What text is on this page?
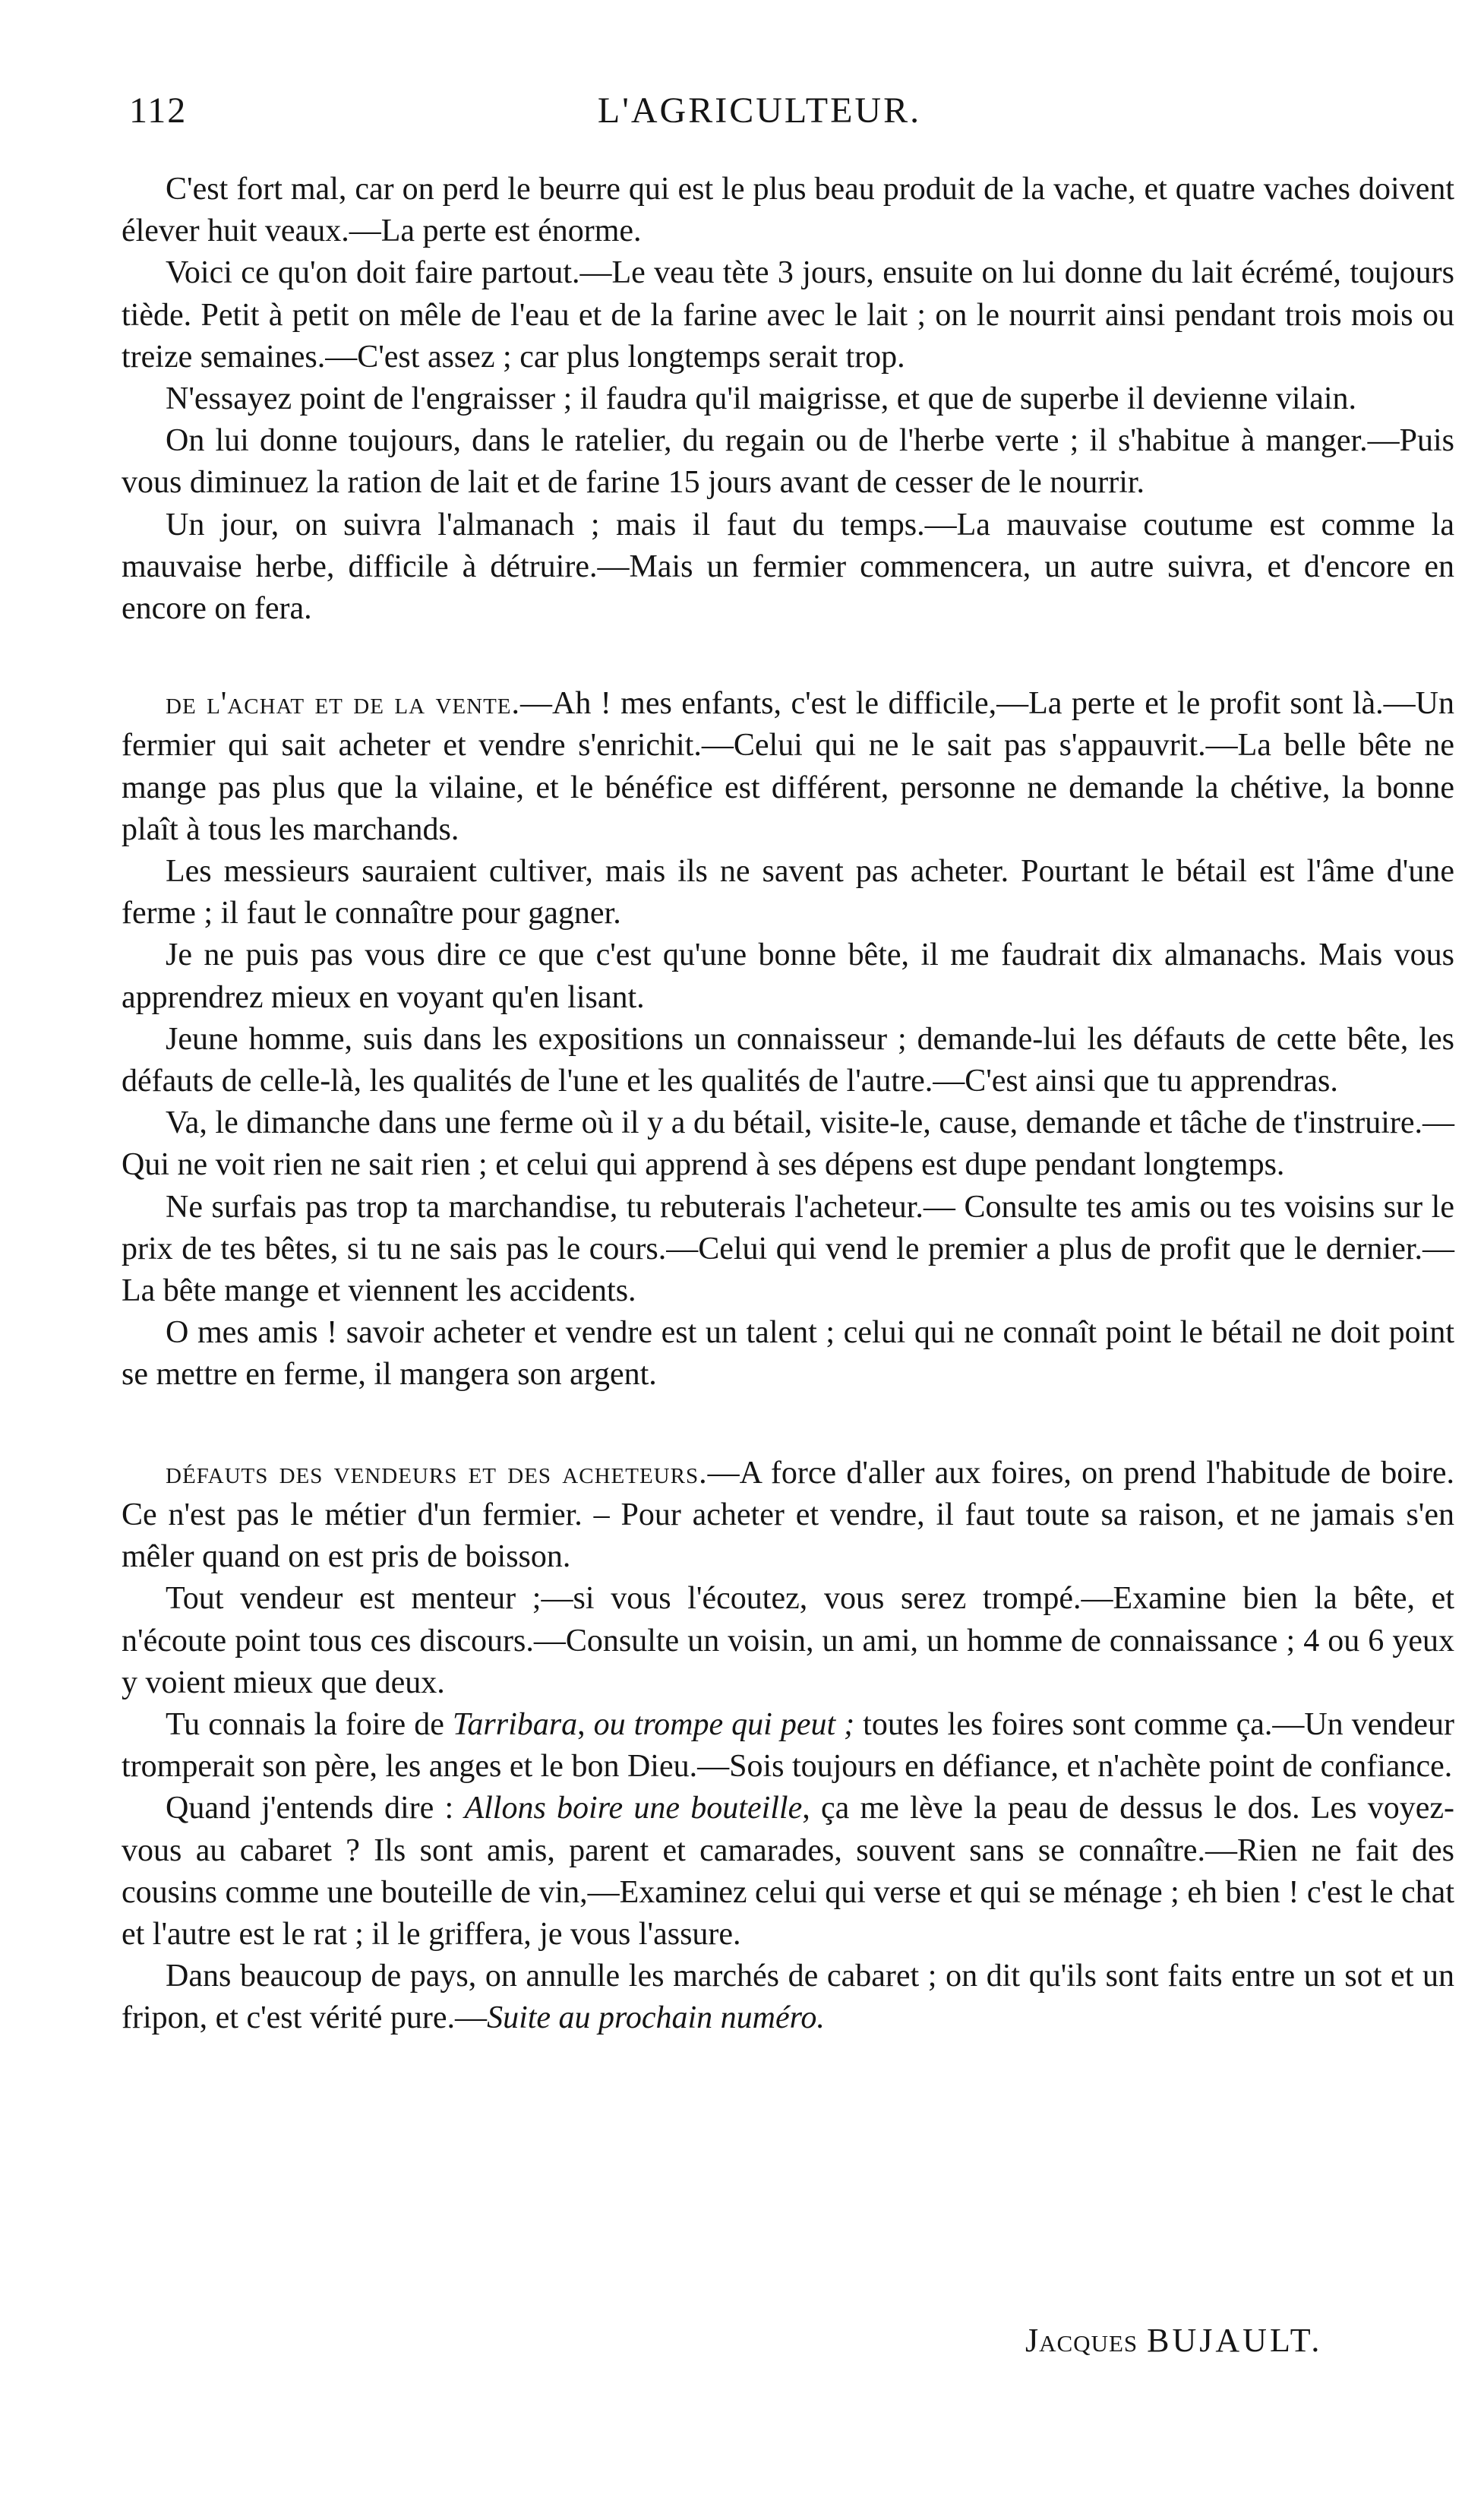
112	L'AGRICULTEUR.

C'est fort mal, car on perd le beurre qui est le plus beau produit de la vache, et quatre vaches doivent élever huit veaux.—La perte est énorme.

Voici ce qu'on doit faire partout.—Le veau tète 3 jours, ensuite on lui donne du lait écrémé, toujours tiède. Petit à petit on mêle de l'eau et de la farine avec le lait ; on le nourrit ainsi pendant trois mois ou treize semaines.—C'est assez ; car plus longtemps serait trop.

N'essayez point de l'engraisser ; il faudra qu'il maigrisse, et que de superbe il devienne vilain.

On lui donne toujours, dans le ratelier, du regain ou de l'herbe verte ; il s'habitue à manger.—Puis vous diminuez la ration de lait et de farine 15 jours avant de cesser de le nourrir.

Un jour, on suivra l'almanach ; mais il faut du temps.—La mauvaise coutume est comme la mauvaise herbe, difficile à détruire.—Mais un fermier commencera, un autre suivra, et d'encore en encore on fera.

de l'achat et de la vente.—Ah ! mes enfants, c'est le difficile,—La perte et le profit sont là.—Un fermier qui sait acheter et vendre s'enrichit.—Celui qui ne le sait pas s'appauvrit.—La belle bête ne mange pas plus que la vilaine, et le bénéfice est différent, personne ne demande la chétive, la bonne plaît à tous les marchands.

Les messieurs sauraient cultiver, mais ils ne savent pas acheter. Pourtant le bétail est l'âme d'une ferme ; il faut le connaître pour gagner.

Je ne puis pas vous dire ce que c'est qu'une bonne bête, il me faudrait dix almanachs. Mais vous apprendrez mieux en voyant qu'en lisant.

Jeune homme, suis dans les expositions un connaisseur ; demande-lui les défauts de cette bête, les défauts de celle-là, les qualités de l'une et les qualités de l'autre.—C'est ainsi que tu apprendras.

Va, le dimanche dans une ferme où il y a du bétail, visite-le, cause, demande et tâche de t'instruire.—Qui ne voit rien ne sait rien ; et celui qui apprend à ses dépens est dupe pendant longtemps.

Ne surfais pas trop ta marchandise, tu rebuterais l'acheteur.— Consulte tes amis ou tes voisins sur le prix de tes bêtes, si tu ne sais pas le cours.—Celui qui vend le premier a plus de profit que le dernier.—La bête mange et viennent les accidents.

O mes amis ! savoir acheter et vendre est un talent ; celui qui ne connaît point le bétail ne doit point se mettre en ferme, il mangera son argent.

défauts des vendeurs et des acheteurs.—A force d'aller aux foires, on prend l'habitude de boire. Ce n'est pas le métier d'un fermier. – Pour acheter et vendre, il faut toute sa raison, et ne jamais s'en mêler quand on est pris de boisson.

Tout vendeur est menteur ;—si vous l'écoutez, vous serez trompé.—Examine bien la bête, et n'écoute point tous ces discours.—Consulte un voisin, un ami, un homme de connaissance ; 4 ou 6 yeux y voient mieux que deux.

Tu connais la foire de Tarribara, ou trompe qui peut ; toutes les foires sont comme ça.—Un vendeur tromperait son père, les anges et le bon Dieu.—Sois toujours en défiance, et n'achète point de confiance.

Quand j'entends dire : Allons boire une bouteille, ça me lève la peau de dessus le dos. Les voyez-vous au cabaret ? Ils sont amis, parent et camarades, souvent sans se connaître.—Rien ne fait des cousins comme une bouteille de vin,—Examinez celui qui verse et qui se ménage ; eh bien ! c'est le chat et l'autre est le rat ; il le griffera, je vous l'assure.

Dans beaucoup de pays, on annulle les marchés de cabaret ; on dit qu'ils sont faits entre un sot et un fripon, et c'est vérité pure.—Suite au prochain numéro.

Jacques BUJAULT.
